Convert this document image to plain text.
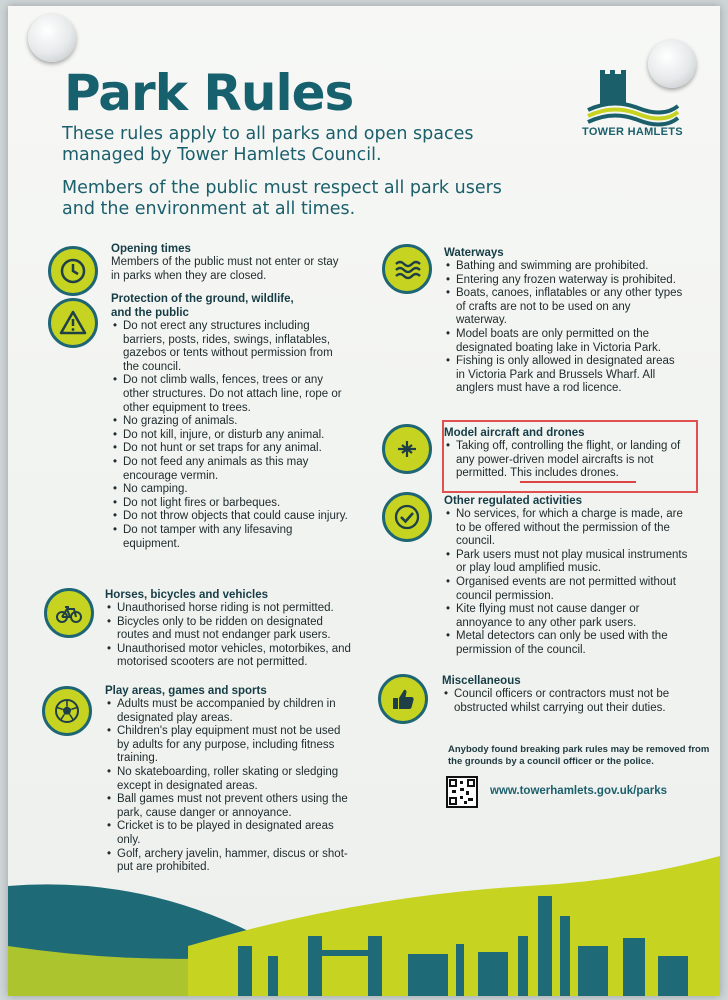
Park Rules
These rules apply to all parks and open spaces managed by Tower Hamlets Council.
Members of the public must respect all park users and the environment at all times.
TOWER HAMLETS
Opening times
Members of the public must not enter or stay in parks when they are closed.
Protection of the ground, wildlife, and the public
• Do not erect any structures including barriers, posts, rides, swings, inflatables, gazebos or tents without permission from the council.
• Do not climb walls, fences, trees or any other structures. Do not attach line, rope or other equipment to trees.
• No grazing of animals.
• Do not kill, injure, or disturb any animal.
• Do not hunt or set traps for any animal.
• Do not feed any animals as this may encourage vermin.
• No camping.
• Do not light fires or barbeques.
• Do not throw objects that could cause injury.
• Do not tamper with any lifesaving equipment.
Horses, bicycles and vehicles
• Unauthorised horse riding is not permitted.
• Bicycles only to be ridden on designated routes and must not endanger park users.
• Unauthorised motor vehicles, motorbikes, and motorised scooters are not permitted.
Play areas, games and sports
• Adults must be accompanied by children in designated play areas.
• Children's play equipment must not be used by adults for any purpose, including fitness training.
• No skateboarding, roller skating or sledging except in designated areas.
• Ball games must not prevent others using the park, cause danger or annoyance.
• Cricket is to be played in designated areas only.
• Golf, archery javelin, hammer, discus or shot-put are prohibited.
Waterways
• Bathing and swimming are prohibited.
• Entering any frozen waterway is prohibited.
• Boats, canoes, inflatables or any other types of crafts are not to be used on any waterway.
• Model boats are only permitted on the designated boating lake in Victoria Park.
• Fishing is only allowed in designated areas in Victoria Park and Brussels Wharf. All anglers must have a rod licence.
Model aircraft and drones
• Taking off, controlling the flight, or landing of any power-driven model aircrafts is not permitted. This includes drones.
Other regulated activities
• No services, for which a charge is made, are to be offered without the permission of the council.
• Park users must not play musical instruments or play loud amplified music.
• Organised events are not permitted without council permission.
• Kite flying must not cause danger or annoyance to any other park users.
• Metal detectors can only be used with the permission of the council.
Miscellaneous
• Council officers or contractors must not be obstructed whilst carrying out their duties.
Anybody found breaking park rules may be removed from the grounds by a council officer or the police.
www.towerhamlets.gov.uk/parks
